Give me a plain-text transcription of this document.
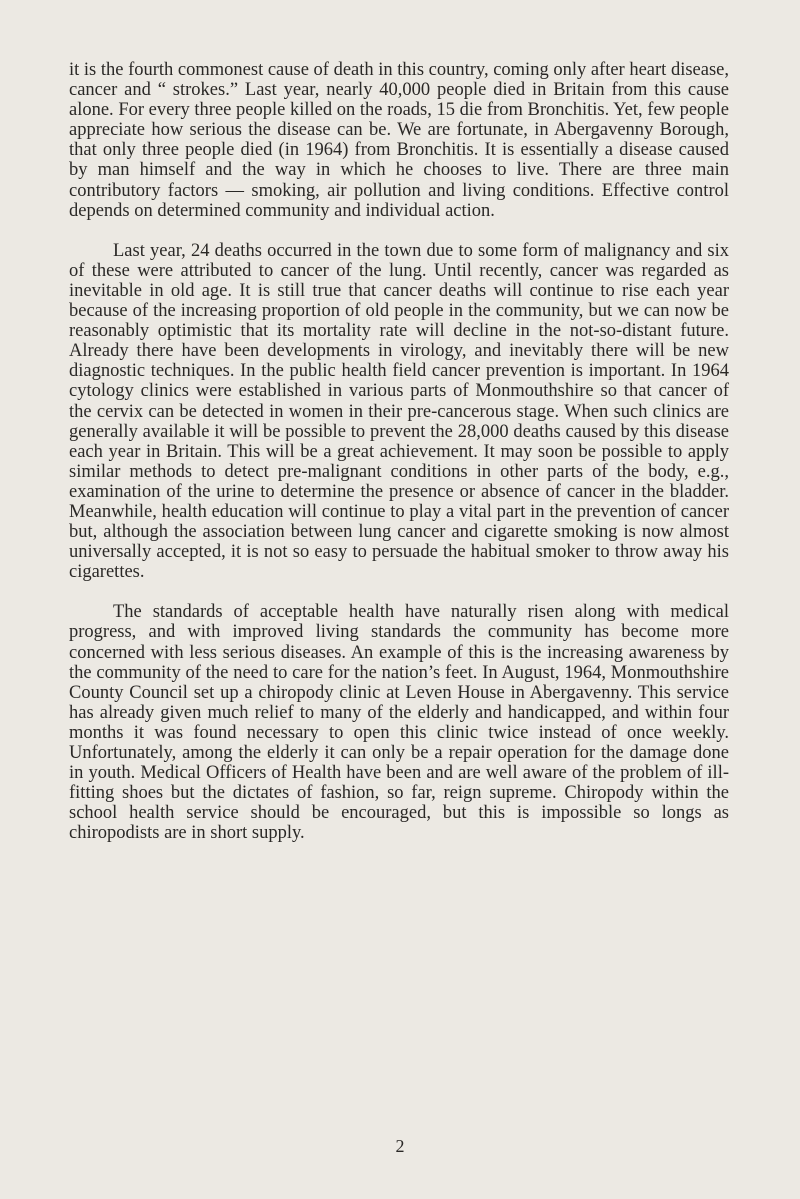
it is the fourth commonest cause of death in this country, coming only after heart disease, cancer and “ strokes.” Last year, nearly 40,000 people died in Britain from this cause alone. For every three people killed on the roads, 15 die from Bronchitis. Yet, few people appreciate how serious the disease can be. We are fortunate, in Abergavenny Borough, that only three people died (in 1964) from Bronchitis. It is essentially a disease caused by man himself and the way in which he chooses to live. There are three main contributory factors — smoking, air pollution and living conditions. Effective control depends on determined community and individual action.

Last year, 24 deaths occurred in the town due to some form of malignancy and six of these were attributed to cancer of the lung. Until recently, cancer was regarded as inevitable in old age. It is still true that cancer deaths will continue to rise each year because of the increasing proportion of old people in the community, but we can now be reasonably optimistic that its mortality rate will decline in the not-so-distant future. Already there have been developments in virology, and inevitably there will be new diagnostic techniques. In the public health field cancer prevention is important. In 1964 cytology clinics were established in various parts of Monmouthshire so that cancer of the cervix can be detected in women in their pre-cancerous stage. When such clinics are generally available it will be possible to prevent the 28,000 deaths caused by this disease each year in Britain. This will be a great achievement. It may soon be possible to apply similar methods to detect pre-malignant conditions in other parts of the body, e.g., examination of the urine to determine the presence or absence of cancer in the bladder. Meanwhile, health education will continue to play a vital part in the prevention of cancer but, although the association between lung cancer and cigarette smoking is now almost universally accepted, it is not so easy to persuade the habitual smoker to throw away his cigarettes.

The standards of acceptable health have naturally risen along with medical progress, and with improved living standards the community has become more concerned with less serious diseases. An example of this is the increasing awareness by the community of the need to care for the nation’s feet. In August, 1964, Monmouthshire County Council set up a chiropody clinic at Leven House in Abergavenny. This service has already given much relief to many of the elderly and handicapped, and within four months it was found necessary to open this clinic twice instead of once weekly. Unfortunately, among the elderly it can only be a repair operation for the damage done in youth. Medical Officers of Health have been and are well aware of the problem of ill-fitting shoes but the dictates of fashion, so far, reign supreme. Chiropody within the school health service should be encouraged, but this is impossible so longs as chiropodists are in short supply.

2
